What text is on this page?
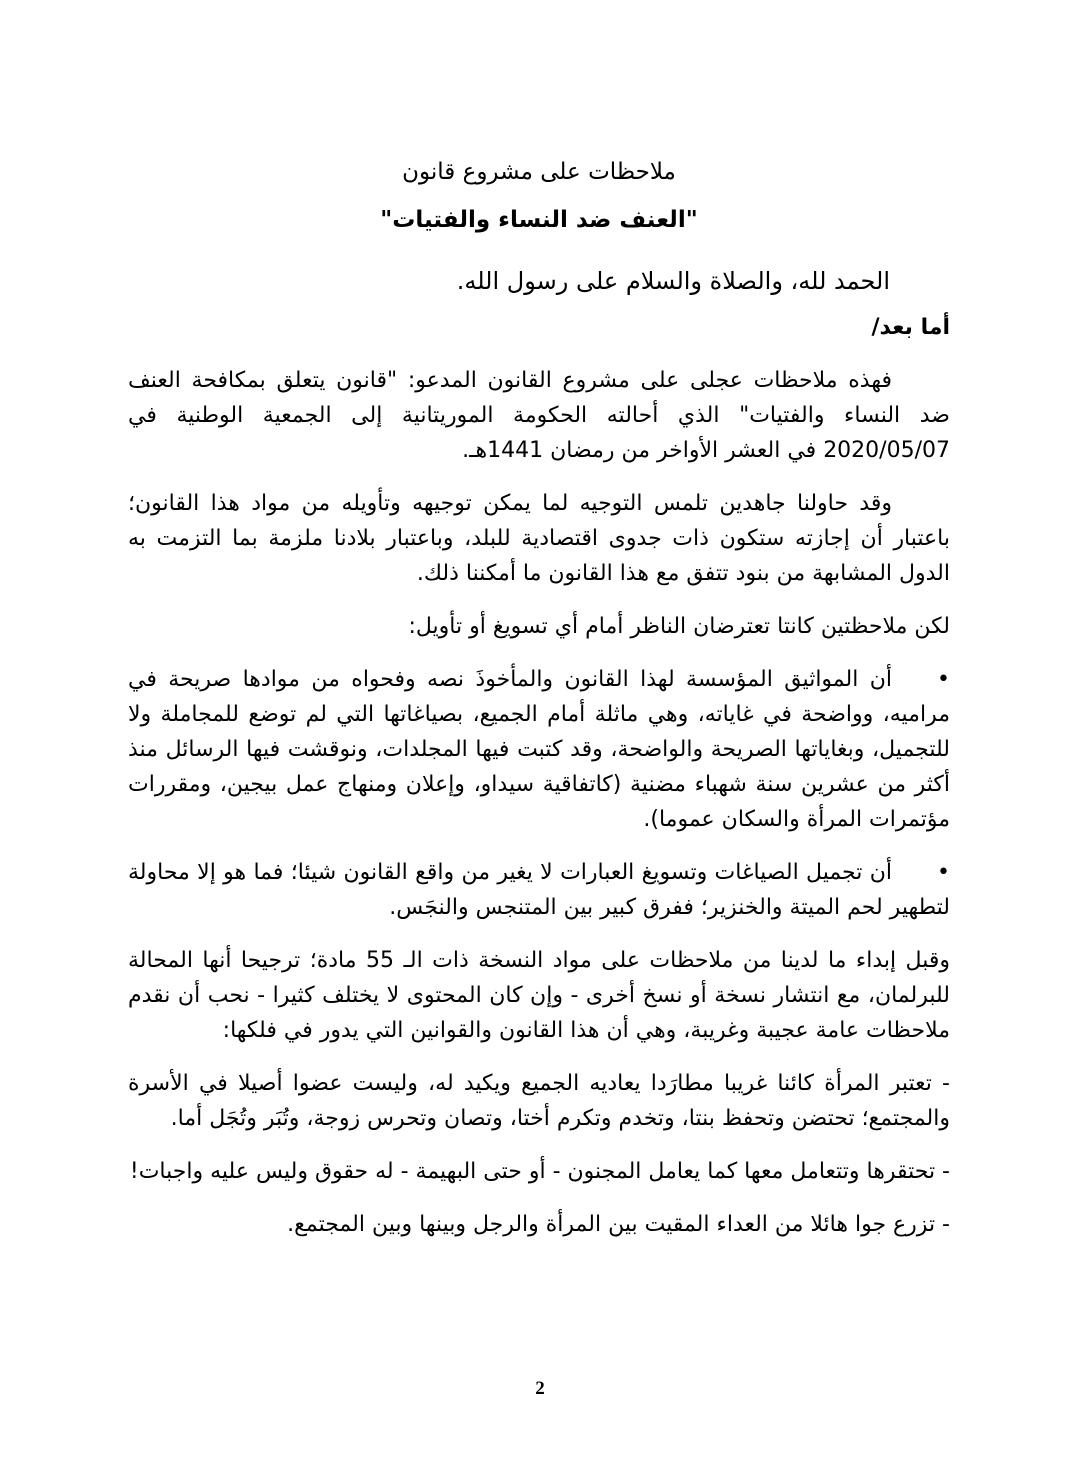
ملاحظات على مشروع قانون
"العنف ضد النساء والفتيات"
الحمد لله، والصلاة والسلام على رسول الله.
أما بعد/

فهذه ملاحظات عجلى على مشروع القانون المدعو: "قانون يتعلق بمكافحة العنف ضد النساء والفتيات" الذي أحالته الحكومة الموريتانية إلى الجمعية الوطنية في 2020/05/07 في العشر الأواخر من رمضان 1441هـ.

وقد حاولنا جاهدين تلمس التوجيه لما يمكن توجيهه وتأويله من مواد هذا القانون؛ باعتبار أن إجازته ستكون ذات جدوى اقتصادية للبلد، وباعتبار بلادنا ملزمة بما التزمت به الدول المشابهة من بنود تتفق مع هذا القانون ما أمكننا ذلك.

لكن ملاحظتين كانتا تعترضان الناظر أمام أي تسويغ أو تأويل:

•أن المواثيق المؤسسة لهذا القانون والمأخوذَ نصه وفحواه من موادها صريحة في مراميه، وواضحة في غاياته، وهي ماثلة أمام الجميع، بصياغاتها التي لم توضع للمجاملة ولا للتجميل، وبغاياتها الصريحة والواضحة، وقد كتبت فيها المجلدات، ونوقشت فيها الرسائل منذ أكثر من عشرين سنة شهباء مضنية (كاتفاقية سيداو، وإعلان ومنهاج عمل بيجين، ومقررات مؤتمرات المرأة والسكان عموما).

•أن تجميل الصياغات وتسويغ العبارات لا يغير من واقع القانون شيئا؛ فما هو إلا محاولة لتطهير لحم الميتة والخنزير؛ ففرق كبير بين المتنجس والنجَس.

وقبل إبداء ما لدينا من ملاحظات على مواد النسخة ذات الـ 55 مادة؛ ترجيحا أنها المحالة للبرلمان، مع انتشار نسخة أو نسخ أخرى - وإن كان المحتوى لا يختلف كثيرا - نحب أن نقدم ملاحظات عامة عجيبة وغريبة، وهي أن هذا القانون والقوانين التي يدور في فلكها:

- تعتبر المرأة كائنا غريبا مطارَدا يعاديه الجميع ويكيد له، وليست عضوا أصيلا في الأسرة والمجتمع؛ تحتضن وتحفظ بنتا، وتخدم وتكرم أختا، وتصان وتحرس زوجة، وتُبَر وتُجَل أما.

- تحتقرها وتتعامل معها كما يعامل المجنون - أو حتى البهيمة - له حقوق وليس عليه واجبات!

- تزرع جوا هائلا من العداء المقيت بين المرأة والرجل وبينها وبين المجتمع.

2
